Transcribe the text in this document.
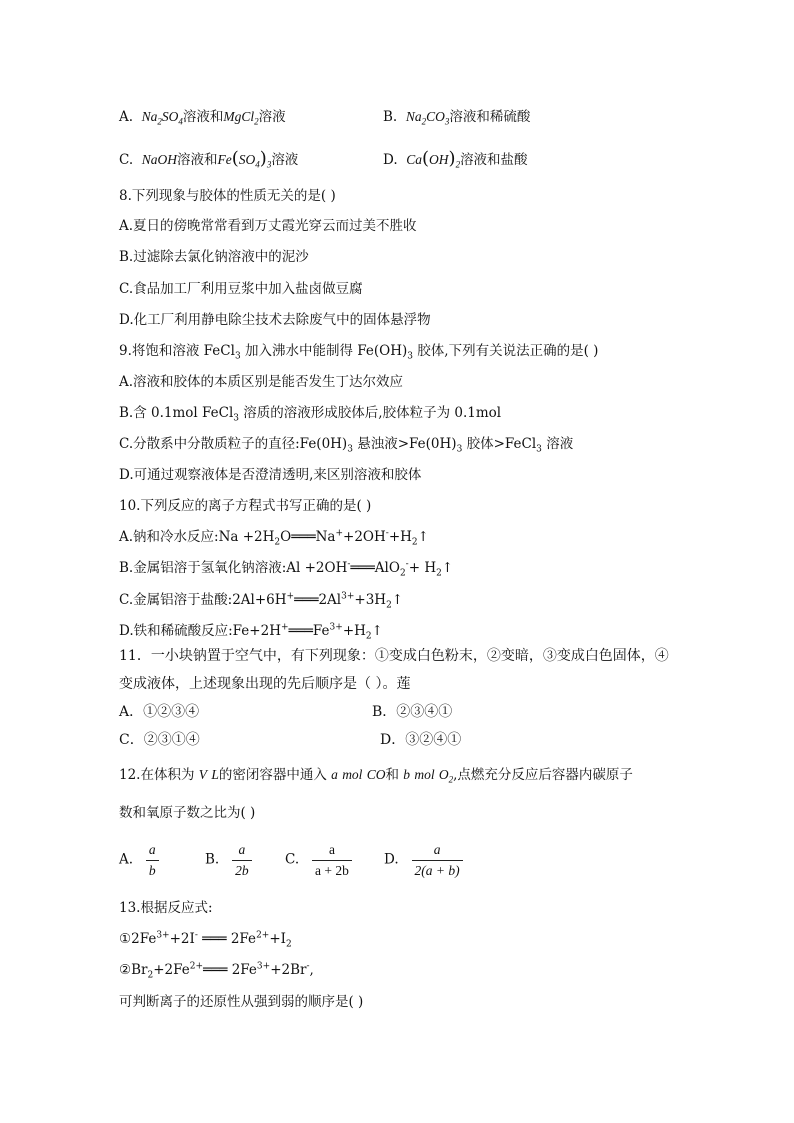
A. $Na_2SO_4$溶液和MgCl$_2$溶液	B. $Na_2CO_3$溶液和稀硫酸
C. NaOH溶液和$Fe(SO_4)_3$溶液	D. $Ca(OH)_2$溶液和盐酸
8.下列现象与胶体的性质无关的是( )
A.夏日的傍晚常常看到万丈霞光穿云而过美不胜收
B.过滤除去氯化钠溶液中的泥沙
C.食品加工厂利用豆浆中加入盐卤做豆腐
D.化工厂利用静电除尘技术去除废气中的固体悬浮物
9.将饱和溶液 FeCl$_3$ 加入沸水中能制得 $Fe(OH)_3$ 胶体,下列有关说法正确的是( )
A.溶液和胶体的本质区别是能否发生丁达尔效应
B.含 0.1mol FeCl$_3$ 溶质的溶液形成胶体后,胶体粒子为 0.1mol
C.分散系中分散质粒子的直径$:Fe(0H)_3$ 悬浊液$>Fe(0H)_3$ 胶体>FeCl$_3$ 溶液
D.可通过观察液体是否澄清透明,来区别溶液和胶体
10.下列反应的离子方程式书写正确的是( )
A.钠和冷水反应:Na $+2H_2O═══Na^++2OH^-+H_2↑$
B.金属铝溶于氢氧化钠溶液:Al +2OH-═══AlO$_2$-+ $H_2↑$
C.金属铝溶于盐酸$:2Al+6H^+═══2Al^{3+}+3H_2↑$
D.铁和稀硫酸反应$:Fe+2H^+═══Fe^{3+}+H_2↑$
11．一小块钠置于空气中，有下列现象：①变成白色粉末，②变暗，③变成白色固体，④
变成液体，上述现象出现的先后顺序是（ ）。莲
A．①②③④	B．②③④①
C．②③①④	D．③②④①
12.在体积为 V L的密闭容器中通入 a mol CO和 b mol $O_2$,点燃充分反应后容器内碳原子
数和氧原子数之比为( )
A. $\frac{a}{b}$	B. $\frac{a}{2b} C$. $\frac{a}{a + 2b} D$. $\frac{a}{2(a + b)}$
13.根据反应式:
$①2Fe^{3+}+2I^-$ ═══ $2Fe^{2+}+I_2$
$②Br_2+2Fe^{2+}═══$ $2Fe^{3+}+2Br^-$,
可判断离子的还原性从强到弱的顺序是( )
